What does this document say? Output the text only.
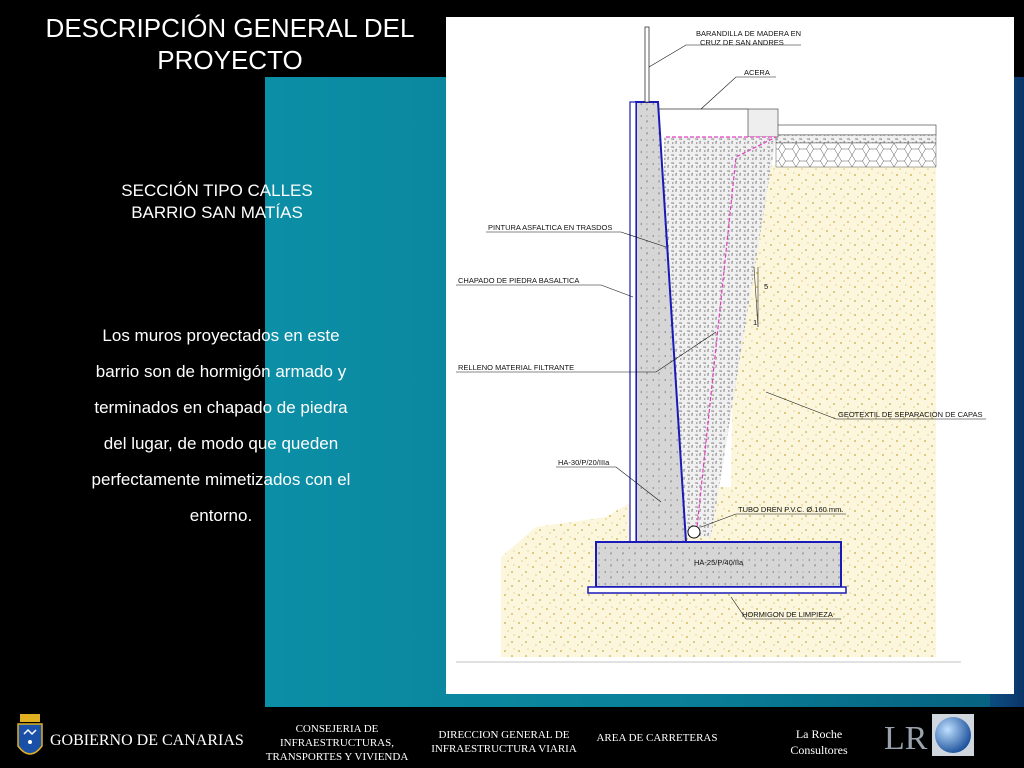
DESCRIPCIÓN GENERAL DEL PROYECTO
SECCIÓN TIPO CALLES BARRIO SAN MATÍAS
Los muros proyectados en este barrio son de hormigón armado y terminados en chapado de piedra del lugar, de modo que queden perfectamente mimetizados con el entorno.
5
1
BARANDILLA DE MADERA EN
CRUZ DE SAN ANDRES
ACERA
PINTURA ASFALTICA EN TRASDOS
CHAPADO DE PIEDRA BASALTICA
RELLENO MATERIAL FILTRANTE
GEOTEXTIL DE SEPARACION DE CAPAS
HA-30/P/20/IIIa
TUBO DREN P.V.C. Ø 160 mm.
HA-25/P/40/IIa
HORMIGON DE LIMPIEZA
GOBIERNO DE CANARIAS
CONSEJERIA DE
INFRAESTRUCTURAS,
TRANSPORTES Y VIVIENDA
DIRECCION GENERAL DE
INFRAESTRUCTURA VIARIA
AREA DE CARRETERAS	La Roche
Consultores	LR
